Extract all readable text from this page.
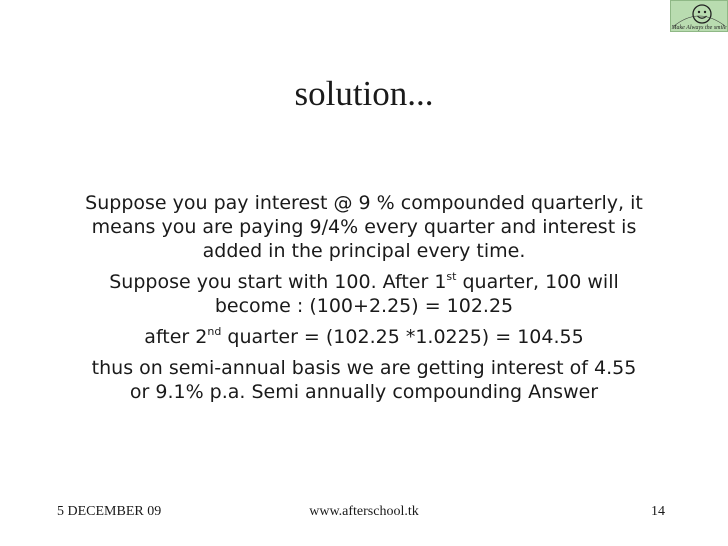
Make Always the smile
solution...
Suppose you pay interest @ 9 % compounded quarterly, it
means you are paying 9/4% every quarter and interest is
added in the principal every time.
Suppose you start with 100. After 1st quarter, 100 will
become : (100+2.25) = 102.25
after 2nd quarter = (102.25 *1.0225) = 104.55
thus on semi-annual basis we are getting interest of 4.55
or 9.1% p.a. Semi annually compounding Answer
5 DECEMBER 09	www.afterschool.tk	14
